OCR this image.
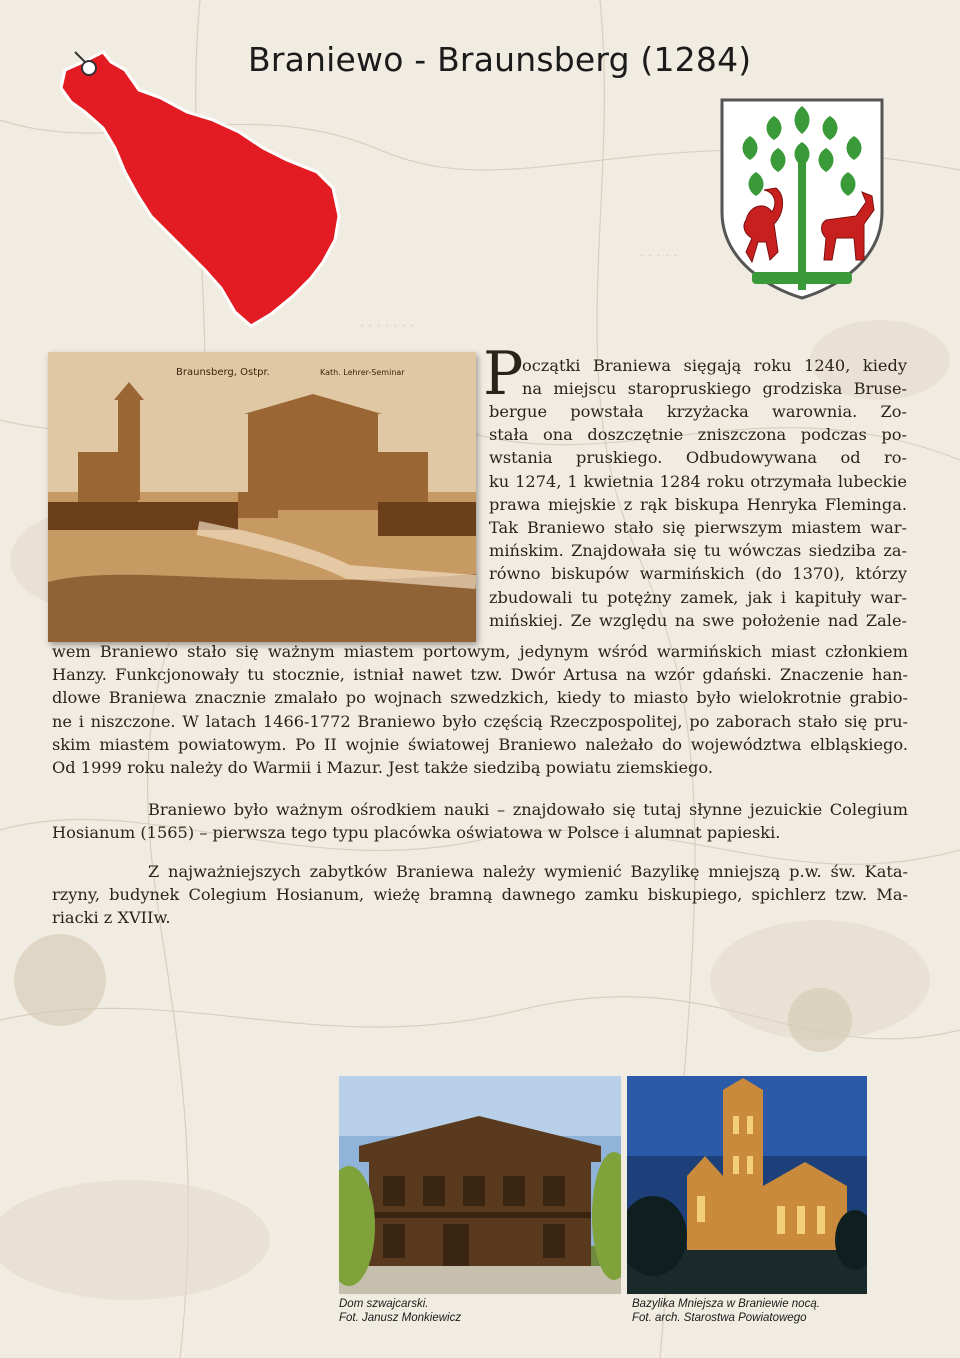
· · · · · · ·
· · · · ·
Braniewo - Braunsberg (1284)
Braunsberg, Ostpr.	Kath. Lehrer-Seminar P
oczątki Braniewa sięgają roku 1240, kiedy
na miejscu staropruskiego grodziska Bruse-
bergue powstała krzyżacka warownia. Zo-
stała ona doszczętnie zniszczona podczas po-
wstania pruskiego. Odbudowywana od ro-
ku 1274, 1 kwietnia 1284 roku otrzymała lubeckie
prawa miejskie z rąk biskupa Henryka Fleminga.
Tak Braniewo stało się pierwszym miastem war-
mińskim. Znajdowała się tu wówczas siedziba za-
równo biskupów warmińskich (do 1370), którzy
zbudowali tu potężny zamek, jak i kapituły war-
mińskiej. Ze względu na swe położenie nad Zale-
wem Braniewo stało się ważnym miastem portowym, jedynym wśród warmińskich miast członkiem
Hanzy. Funkcjonowały tu stocznie, istniał nawet tzw. Dwór Artusa na wzór gdański. Znaczenie han-
dlowe Braniewa znacznie zmalało po wojnach szwedzkich, kiedy to miasto było wielokrotnie grabio-
ne i niszczone. W latach 1466-1772 Braniewo było częścią Rzeczpospolitej, po zaborach stało się pru-
skim miastem powiatowym. Po II wojnie światowej Braniewo należało do województwa elbląskiego.
Od 1999 roku należy do Warmii i Mazur. Jest także siedzibą powiatu ziemskiego.
Braniewo było ważnym ośrodkiem nauki – znajdowało się tutaj słynne jezuickie Colegium
Hosianum (1565) – pierwsza tego typu placówka oświatowa w Polsce i alumnat papieski.
Z najważniejszych zabytków Braniewa należy wymienić Bazylikę mniejszą p.w. św. Kata-
rzyny, budynek Colegium Hosianum, wieżę bramną dawnego zamku biskupiego, spichlerz tzw. Ma-
riacki z XVIIw.
Dom szwajcarski.
Fot. Janusz Monkiewicz
Bazylika Mniejsza w Braniewie nocą.
Fot. arch. Starostwa Powiatowego
